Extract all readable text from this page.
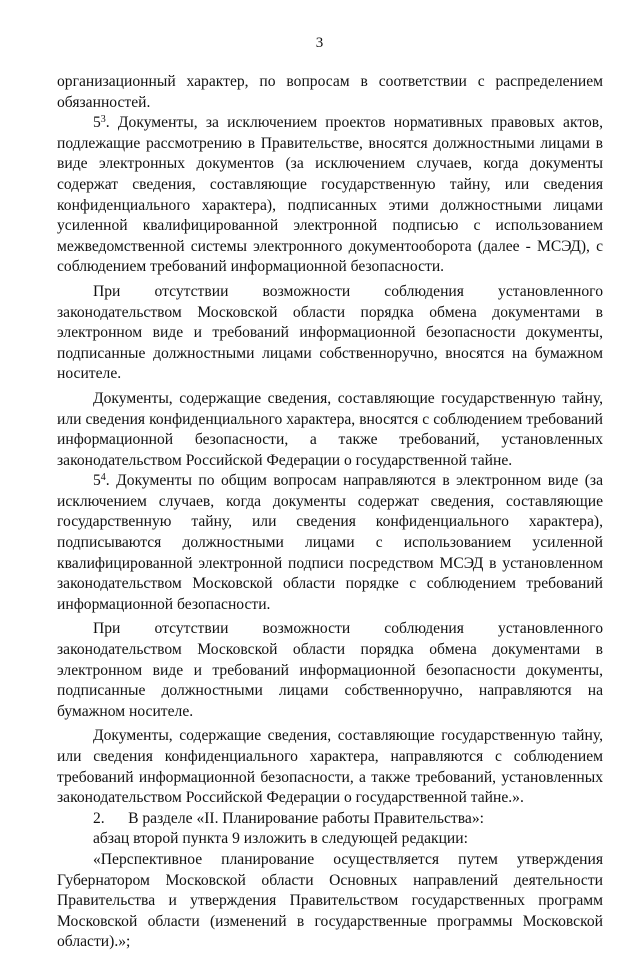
3

организационный характер, по вопросам в соответствии с распределением обязанностей.

$5^3$. Документы, за исключением проектов нормативных правовых актов, подлежащие рассмотрению в Правительстве, вносятся должностными лицами в виде электронных документов (за исключением случаев, когда документы содержат сведения, составляющие государственную тайну, или сведения конфиденциального характера), подписанных этими должностными лицами усиленной квалифицированной электронной подписью с использованием межведомственной системы электронного документооборота (далее - МСЭД), с соблюдением требований информационной безопасности.

При отсутствии возможности соблюдения установленного законодательством Московской области порядка обмена документами в электронном виде и требований информационной безопасности документы, подписанные должностными лицами собственноручно, вносятся на бумажном носителе.

Документы, содержащие сведения, составляющие государственную тайну, или сведения конфиденциального характера, вносятся с соблюдением требований информационной безопасности, а также требований, установленных законодательством Российской Федерации о государственной тайне.

$5^4$. Документы по общим вопросам направляются в электронном виде (за исключением случаев, когда документы содержат сведения, составляющие государственную тайну, или сведения конфиденциального характера), подписываются должностными лицами с использованием усиленной квалифицированной электронной подписи посредством МСЭД в установленном законодательством Московской области порядке с соблюдением требований информационной безопасности.

При отсутствии возможности соблюдения установленного законодательством Московской области порядка обмена документами в электронном виде и требований информационной безопасности документы, подписанные должностными лицами собственноручно, направляются на бумажном носителе.

Документы, содержащие сведения, составляющие государственную тайну, или сведения конфиденциального характера, направляются с соблюдением требований информационной безопасности, а также требований, установленных законодательством Российской Федерации о государственной тайне.».

2.      В разделе «II. Планирование работы Правительства»:

абзац второй пункта 9 изложить в следующей редакции:

«Перспективное планирование осуществляется путем утверждения Губернатором Московской области Основных направлений деятельности Правительства и утверждения Правительством государственных программ Московской области (изменений в государственные программы Московской области).»;
